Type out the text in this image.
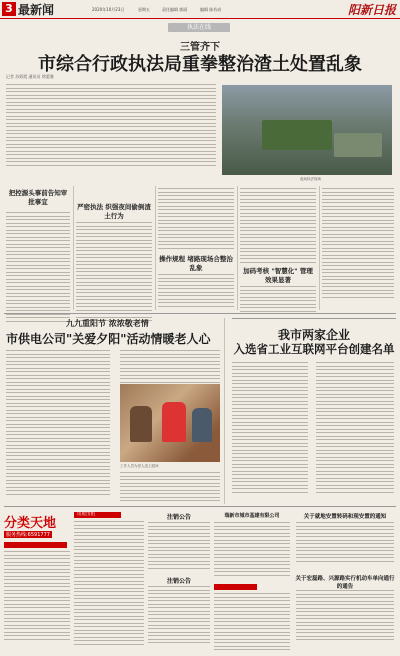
3 最新闻	2020年10月23日	星期五	责任编辑 郭丽	编辑 陈若成	阳新日报
执法在线
三管齐下
市综合行政执法局重拳整治渣土处置乱象
记者 苏彩霞 通讯员 徐蕾雅
夜间执法现场
把控源头事前告知审批事宜
严密执法 织强夜间偷倒渣土行为
操作规程 堵路现场合整治乱象	加码考核 "智慧化" 管理效果显著
九九重阳节 浓浓敬老情
市供电公司"关爱夕阳"活动情暖老人心
工作人员为老人送上慰问
我市两家企业
入选省工业互联网平台创建名单
分类天地
服务热线:6591777
房屋出租	注销公告
注销公告
瑞新市城市基建有限公司	关于就地安置转码和现安置的通知
关于宏磊路、兴源路实行机动车单向通行的通告
